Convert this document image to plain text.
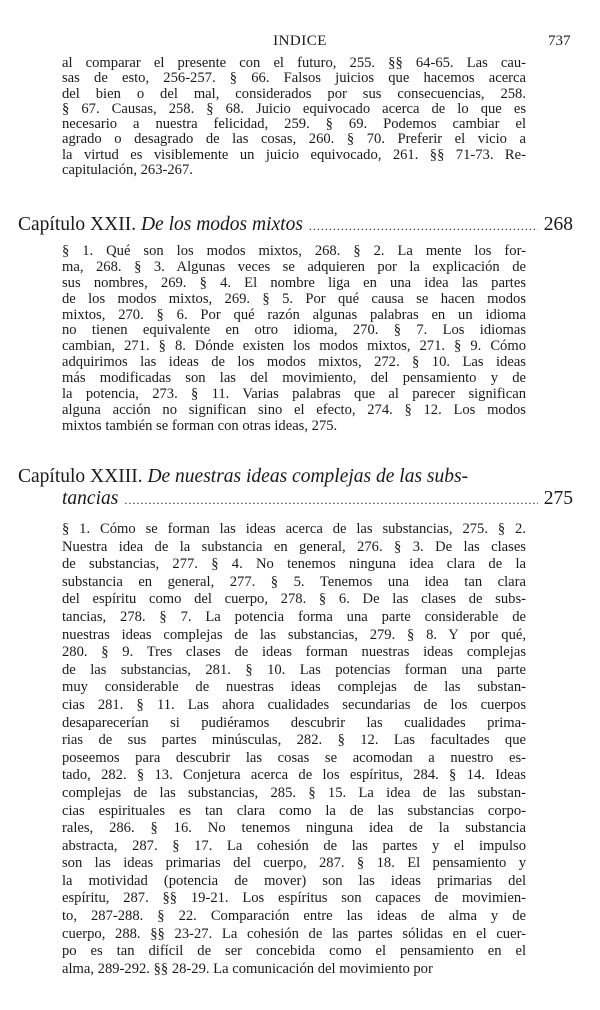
INDICE	737
al comparar el presente con el futuro, 255. §§ 64-65. Las cau-
sas de esto, 256-257. § 66. Falsos juicios que hacemos acerca
del bien o del mal, considerados por sus consecuencias, 258.
§ 67. Causas, 258. § 68. Juicio equivocado acerca de lo que es
necesario a nuestra felicidad, 259. § 69. Podemos cambiar el
agrado o desagrado de las cosas, 260. § 70. Preferir el vicio a
la virtud es visiblemente un juicio equivocado, 261. §§ 71-73. Re-
capitulación, 263-267.
Capítulo XXII.
De los modos mixtos .....	268
§ 1. Qué son los modos mixtos, 268. § 2. La mente los for-
ma, 268. § 3. Algunas veces se adquieren por la explicación de
sus nombres, 269. § 4. El nombre liga en una idea las partes
de los modos mixtos, 269. § 5. Por qué causa se hacen modos
mixtos, 270. § 6. Por qué razón algunas palabras en un idioma
no tienen equivalente en otro idioma, 270. § 7. Los idiomas
cambian, 271. § 8. Dónde existen los modos mixtos, 271. § 9. Cómo
adquirimos las ideas de los modos mixtos, 272. § 10. Las ideas
más modificadas son las del movimiento, del pensamiento y de
la potencia, 273. § 11. Varias palabras que al parecer significan
alguna acción no significan sino el efecto, 274. § 12. Los modos
mixtos también se forman con otras ideas, 275.
Capítulo XXIII.
De nuestras ideas complejas de las subs-
tancias .....	275
§ 1. Cómo se forman las ideas acerca de las substancias, 275. § 2.
Nuestra idea de la substancia en general, 276. § 3. De las clases
de substancias, 277. § 4. No tenemos ninguna idea clara de la
substancia en general, 277. § 5. Tenemos una idea tan clara
del espíritu como del cuerpo, 278. § 6. De las clases de subs-
tancias, 278. § 7. La potencia forma una parte considerable de
nuestras ideas complejas de las substancias, 279. § 8. Y por qué,
280. § 9. Tres clases de ideas forman nuestras ideas complejas
de las substancias, 281. § 10. Las potencias forman una parte
muy considerable de nuestras ideas complejas de las substan-
cias 281. § 11. Las ahora cualidades secundarias de los cuerpos
desaparecerían si pudiéramos descubrir las cualidades prima-
rias de sus partes minúsculas, 282. § 12. Las facultades que
poseemos para descubrir las cosas se acomodan a nuestro es-
tado, 282. § 13. Conjetura acerca de los espíritus, 284. § 14. Ideas
complejas de las substancias, 285. § 15. La idea de las substan-
cias espirituales es tan clara como la de las substancias corpo-
rales, 286. § 16. No tenemos ninguna idea de la substancia
abstracta, 287. § 17. La cohesión de las partes y el impulso
son las ideas primarias del cuerpo, 287. § 18. El pensamiento y
la motividad (potencia de mover) son las ideas primarias del
espíritu, 287. §§ 19-21. Los espíritus son capaces de movimien-
to, 287-288. § 22. Comparación entre las ideas de alma y de
cuerpo, 288. §§ 23-27. La cohesión de las partes sólidas en el cuer-
po es tan difícil de ser concebida como el pensamiento en el
alma, 289-292. §§ 28-29. La comunicación del movimiento por
